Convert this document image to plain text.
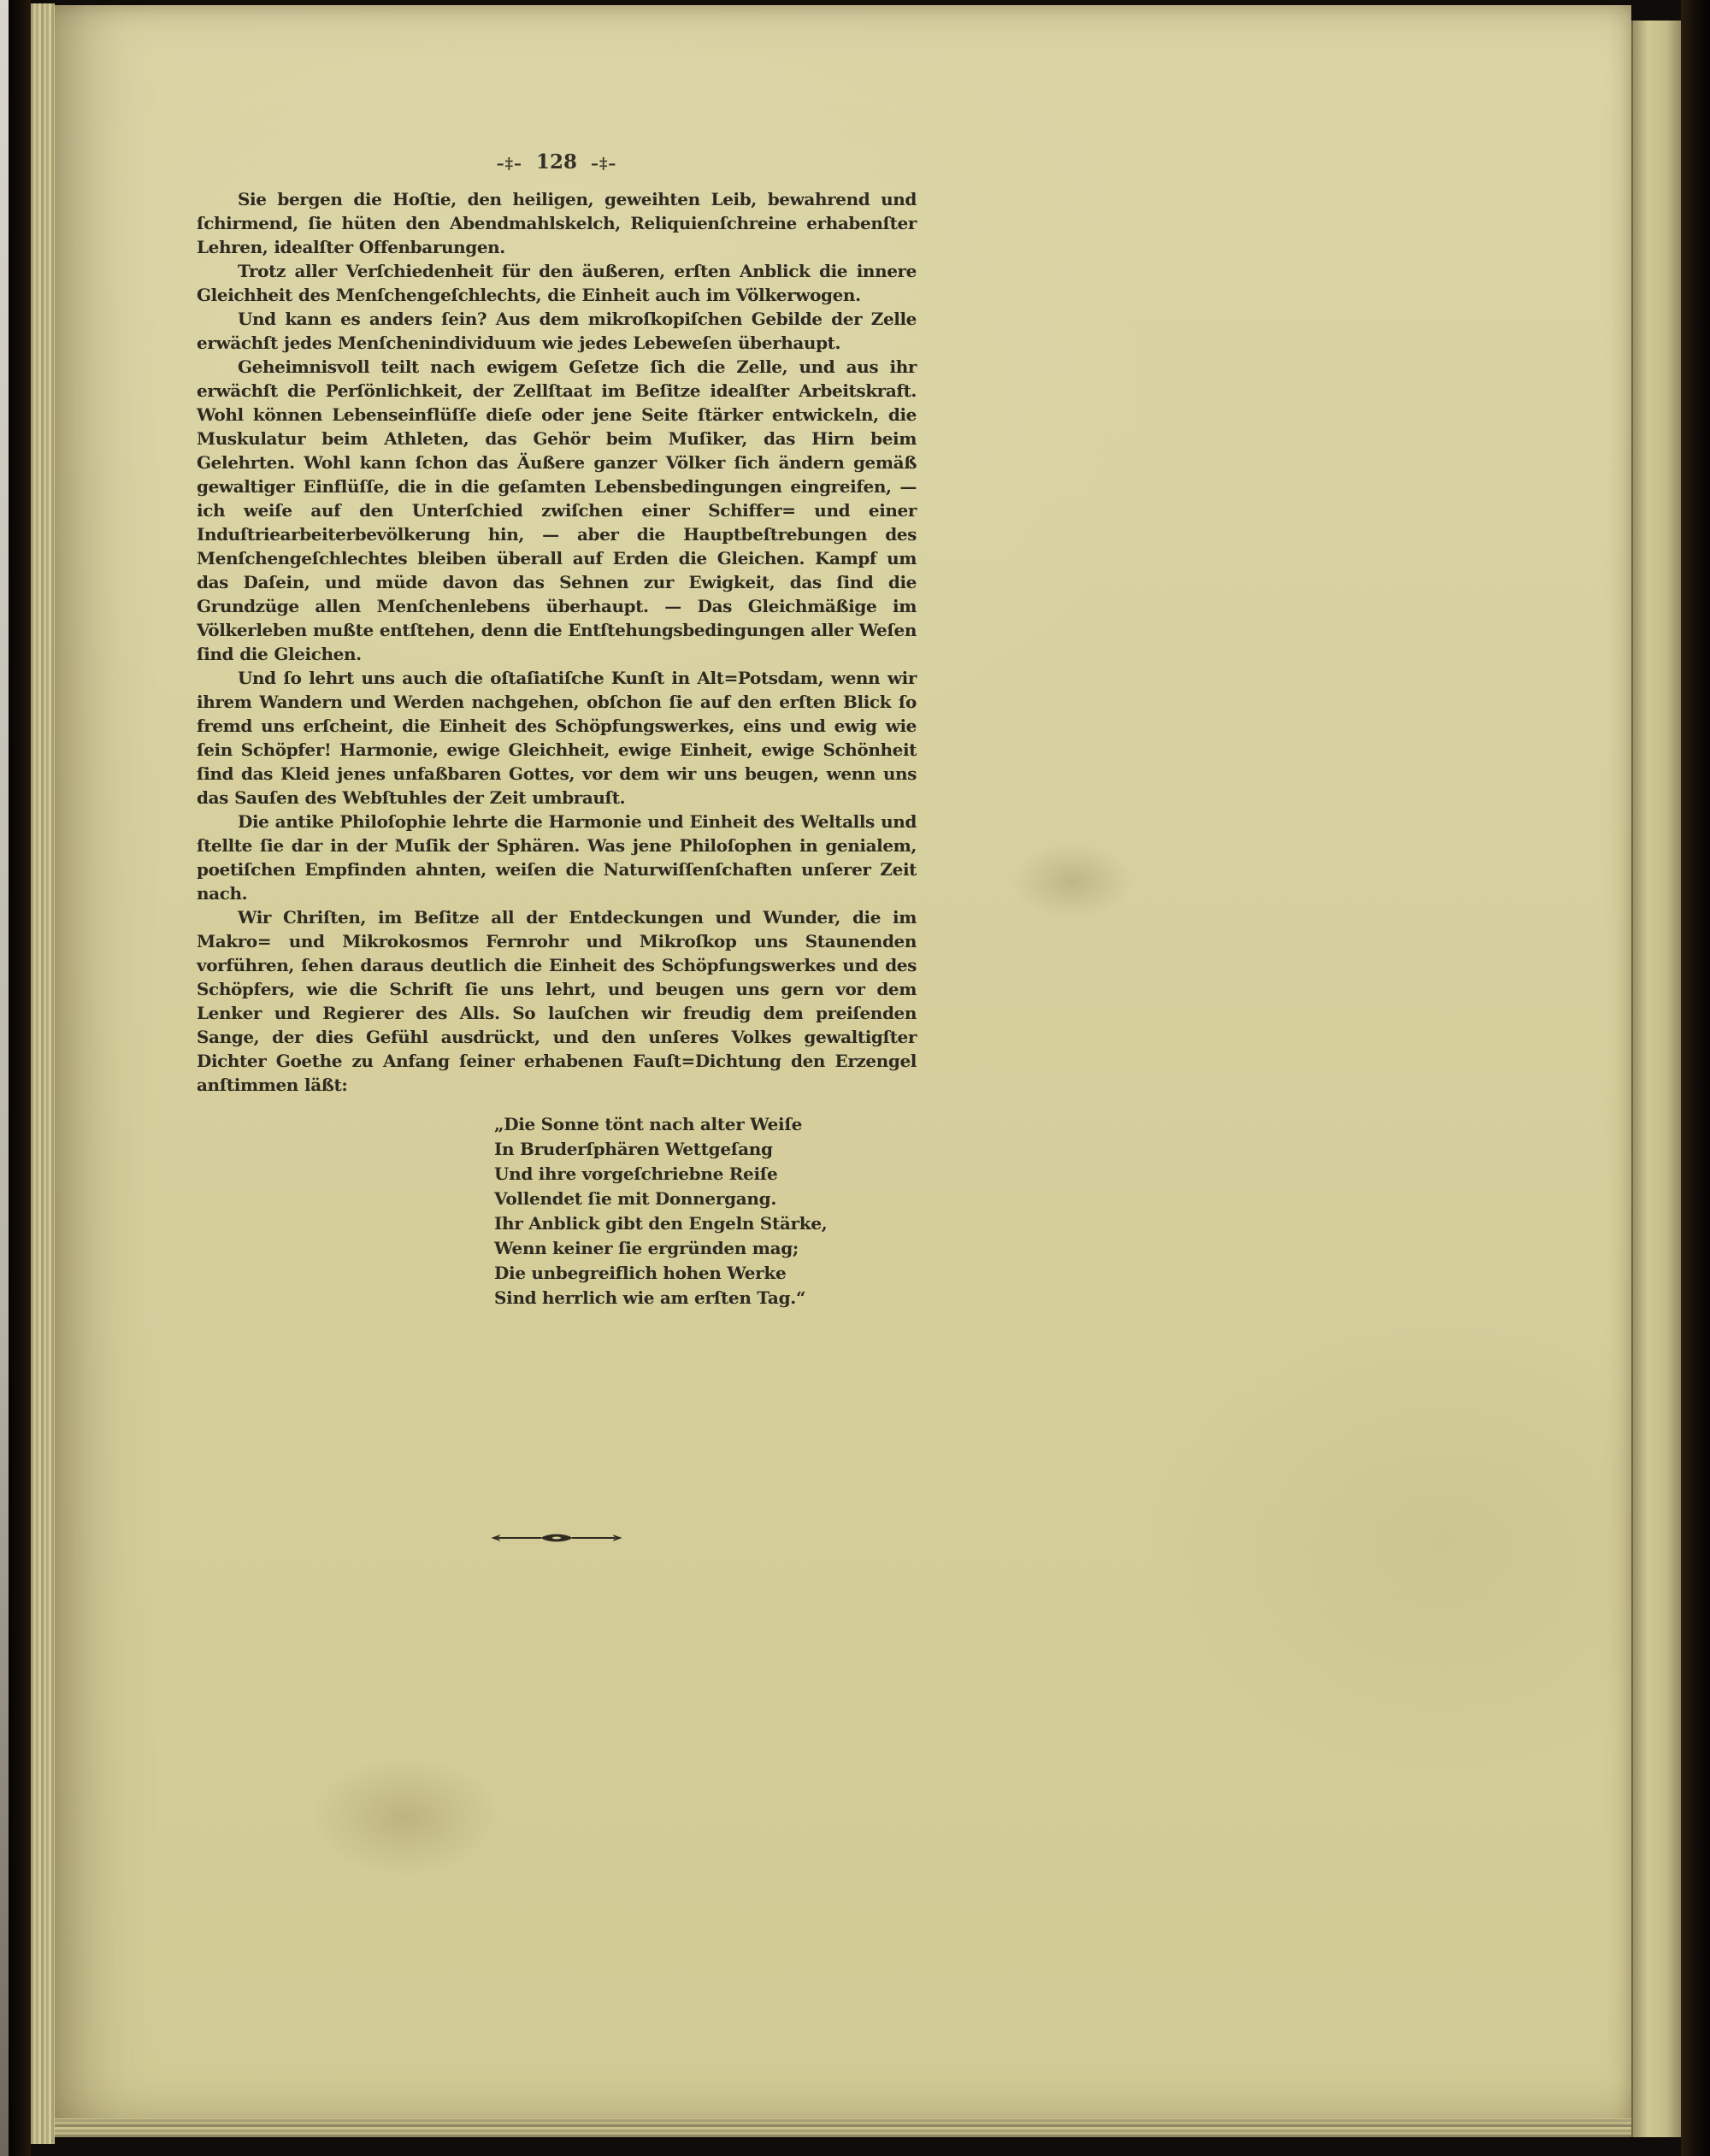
–‡– 128 –‡–

Sie bergen die Hoſtie, den heiligen, geweihten Leib, bewahrend und ſchirmend, ſie hüten den Abendmahlskelch, Reliquienſchreine erhabenſter Lehren, idealſter Offenbarungen.

Trotz aller Verſchiedenheit für den äußeren, erſten Anblick die innere Gleichheit des Menſchengeſchlechts, die Einheit auch im Völkerwogen.

Und kann es anders ſein? Aus dem mikroſkopiſchen Gebilde der Zelle erwächſt jedes Menſchenindividuum wie jedes Lebeweſen überhaupt.

Geheimnisvoll teilt nach ewigem Geſetze ſich die Zelle, und aus ihr erwächſt die Perſönlichkeit, der Zellſtaat im Beſitze idealſter Arbeitskraft. Wohl können Lebenseinflüſſe dieſe oder jene Seite ſtärker entwickeln, die Muskulatur beim Athleten, das Gehör beim Muſiker, das Hirn beim Gelehrten. Wohl kann ſchon das Äußere ganzer Völker ſich ändern gemäß gewaltiger Einflüſſe, die in die geſamten Lebensbedingungen eingreifen, — ich weiſe auf den Unterſchied zwiſchen einer Schiffer= und einer Induſtriearbeiterbevölkerung hin, — aber die Hauptbeſtrebungen des Menſchengeſchlechtes bleiben überall auf Erden die Gleichen. Kampf um das Daſein, und müde davon das Sehnen zur Ewigkeit, das ſind die Grundzüge allen Menſchenlebens überhaupt. — Das Gleichmäßige im Völkerleben mußte entſtehen, denn die Entſtehungsbedingungen aller Weſen ſind die Gleichen.

Und ſo lehrt uns auch die oſtaſiatiſche Kunſt in Alt=Potsdam, wenn wir ihrem Wandern und Werden nachgehen, obſchon ſie auf den erſten Blick ſo fremd uns erſcheint, die Einheit des Schöpfungswerkes, eins und ewig wie ſein Schöpfer! Harmonie, ewige Gleichheit, ewige Einheit, ewige Schönheit ſind das Kleid jenes unfaßbaren Gottes, vor dem wir uns beugen, wenn uns das Sauſen des Webſtuhles der Zeit umbrauſt.

Die antike Philoſophie lehrte die Harmonie und Einheit des Weltalls und ſtellte ſie dar in der Muſik der Sphären. Was jene Philoſophen in genialem, poetiſchen Empfinden ahnten, weiſen die Naturwiſſenſchaften unſerer Zeit nach.

Wir Chriſten, im Beſitze all der Entdeckungen und Wunder, die im Makro= und Mikrokosmos Fernrohr und Mikroſkop uns Staunenden vorführen, ſehen daraus deutlich die Einheit des Schöpfungswerkes und des Schöpfers, wie die Schrift ſie uns lehrt, und beugen uns gern vor dem Lenker und Regierer des Alls. So lauſchen wir freudig dem preiſenden Sange, der dies Gefühl ausdrückt, und den unſeres Volkes gewaltigſter Dichter Goethe zu Anfang ſeiner erhabenen Fauſt=Dichtung den Erzengel anſtimmen läßt:

„Die Sonne tönt nach alter Weiſe
In Bruderſphären Wettgeſang
Und ihre vorgeſchriebne Reiſe
Vollendet ſie mit Donnergang.
Ihr Anblick gibt den Engeln Stärke,
Wenn keiner ſie ergründen mag;
Die unbegreiflich hohen Werke
Sind herrlich wie am erſten Tag.“
